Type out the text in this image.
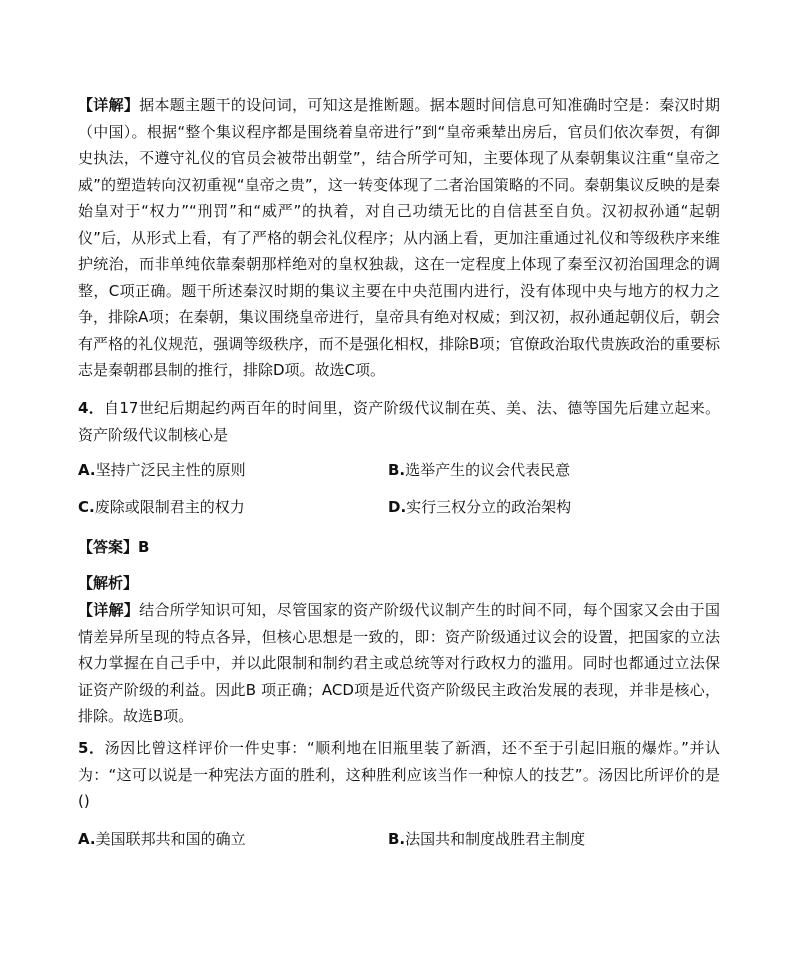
【详解】据本题主题干的设问词，可知这是推断题。据本题时间信息可知准确时空是：秦汉时期（中国）。根据“整个集议程序都是围绕着皇帝进行”到“皇帝乘辇出房后，官员们依次奉贺，有御史执法，不遵守礼仪的官员会被带出朝堂”，结合所学可知，主要体现了从秦朝集议注重“皇帝之威”的塑造转向汉初重视“皇帝之贵”，这一转变体现了二者治国策略的不同。秦朝集议反映的是秦始皇对于“权力”“刑罚”和“威严”的执着，对自己功绩无比的自信甚至自负。汉初叔孙通“起朝仪”后，从形式上看，有了严格的朝会礼仪程序；从内涵上看，更加注重通过礼仪和等级秩序来维护统治，而非单纯依靠秦朝那样绝对的皇权独裁，这在一定程度上体现了秦至汉初治国理念的调整，C项正确。题干所述秦汉时期的集议主要在中央范围内进行，没有体现中央与地方的权力之争，排除A项；在秦朝，集议围绕皇帝进行，皇帝具有绝对权威；到汉初，叔孙通起朝仪后，朝会有严格的礼仪规范，强调等级秩序，而不是强化相权，排除B项；官僚政治取代贵族政治的重要标志是秦朝郡县制的推行，排除D项。故选C项。

4．自17世纪后期起约两百年的时间里，资产阶级代议制在英、美、法、德等国先后建立起来。资产阶级代议制核心是

A.坚持广泛民主性的原则	B.选举产生的议会代表民意
C.废除或限制君主的权力	D.实行三权分立的政治架构
【答案】B
【解析】

【详解】结合所学知识可知，尽管国家的资产阶级代议制产生的时间不同，每个国家又会由于国情差异所呈现的特点各异，但核心思想是一致的，即：资产阶级通过议会的设置，把国家的立法权力掌握在自己手中，并以此限制和制约君主或总统等对行政权力的滥用。同时也都通过立法保证资产阶级的利益。因此B 项正确；ACD项是近代资产阶级民主政治发展的表现，并非是核心，排除。故选B项。

5．汤因比曾这样评价一件史事：“顺利地在旧瓶里装了新酒，还不至于引起旧瓶的爆炸。”并认为：“这可以说是一种宪法方面的胜利，这种胜利应该当作一种惊人的技艺”。汤因比所评价的是()

A.美国联邦共和国的确立	B.法国共和制度战胜君主制度
